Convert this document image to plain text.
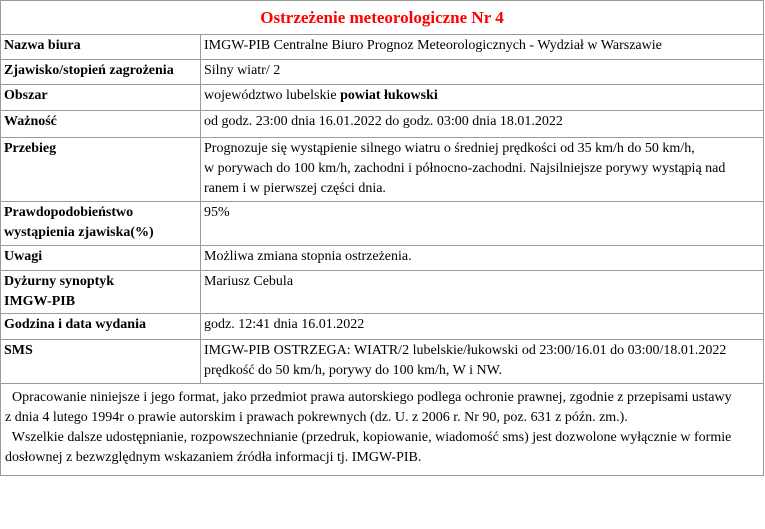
Ostrzeżenie meteorologiczne Nr 4	
Nazwa biura	IMGW-PIB Centralne Biuro Prognoz Meteorologicznych - Wydział w Warszawie
Zjawisko/stopień zagrożenia	Silny wiatr/ 2
Obszar	województwo lubelskie powiat łukowski
Ważność	od godz. 23:00 dnia 16.01.2022 do godz. 03:00 dnia 18.01.2022
Przebieg	Prognozuje się wystąpienie silnego wiatru o średniej prędkości od 35 km/h do 50 km/h,
w porywach do 100 km/h, zachodni i północno-zachodni. Najsilniejsze porywy wystąpią nad
ranem i w pierwszej części dnia.

Prawdopodobieństwo
wystąpienia zjawiska(%)	95%
Uwagi	Możliwa zmiana stopnia ostrzeżenia.

Dyżurny synoptyk
IMGW-PIB	Mariusz Cebula
Godzina i data wydania	godz. 12:41 dnia 16.01.2022
SMS	IMGW-PIB OSTRZEGA: WIATR/2 lubelskie/łukowski od 23:00/16.01 do 03:00/18.01.2022
prędkość do 50 km/h, porywy do 100 km/h, W i NW.

Opracowanie niniejsze i jego format, jako przedmiot prawa autorskiego podlega ochronie prawnej, zgodnie z przepisami ustawy
z dnia 4 lutego 1994r o prawie autorskim i prawach pokrewnych (dz. U. z 2006 r. Nr 90, poz. 631 z późn. zm.).
Wszelkie dalsze udostępnianie, rozpowszechnianie (przedruk, kopiowanie, wiadomość sms) jest dozwolone wyłącznie w formie
dosłownej z bezwzględnym wskazaniem źródła informacji tj. IMGW-PIB.	
